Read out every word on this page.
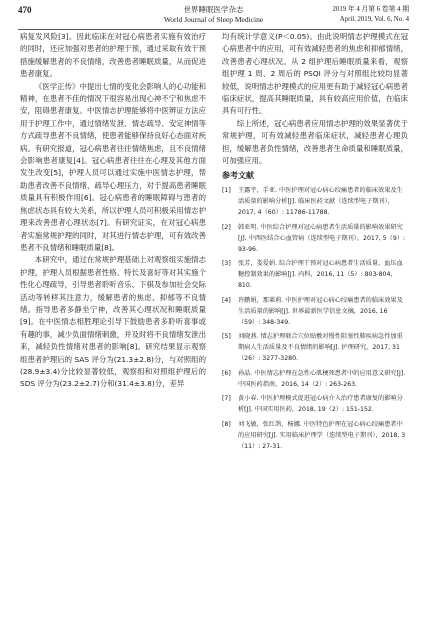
470	世界睡眠医学杂志
World Journal of Sleep Medicine
2019 年 4 月第 6 卷第 4 期
April. 2019, Vol. 6, No. 4

病复发风险[3]。因此临床在对冠心病患者实施有效治疗的同时，还应加强对患者的护理干预，通过采取有效干预措施缓解患者的不良情绪，改善患者睡眠质量，从而促进患者康复。

《医学正传》中提出七情的变化会影响人的心功能和精神，在患者不佳的情况下很容易出现心神不宁和焦虑不安，阻碍患者康复。中医情志护理能够将中医辨证方法应用于护理工作中，通过情绪发泄、情志疏导、安定神情等方式疏导患者不良情绪，使患者能够保持良好心态面对疾病。有研究报道，冠心病患者往往情绪焦虑，且不良情绪会影响患者康复[4]。冠心病患者往往在心理及其他方面发生改变[5]，护理人员可以通过实施中医情志护理，帮助患者改善不良情绪，疏导心理压力，对于提高患者睡眠质量具有积极作用[6]。冠心病患者的睡眠障碍与患者的焦虑状态具有较大关系，所以护理人员可积极采用情志护理来改善患者心理状态[7]。有研究证实，在对冠心病患者实施常规护理的同时，对其进行情志护理，可有效改善患者不良情绪和睡眠质量[8]。

本研究中，通过在常规护理基础上对观察组实施情志护理，护理人员根据患者性格、特长及喜好等对其实施个性化心理疏导，引导患者聆听音乐、下棋及参加社会交际活动等转移其注意力，缓解患者的焦虑、抑郁等不良情绪。指导患者多静坐宁神，改善其心理状况和睡眠质量[9]。在中医情志相胜理论引导下鼓励患者多聆听喜事或有趣的事，减少负面情绪刺激，并及时将不良情绪发泄出来，减轻负性情绪对患者的影响[8]。研究结果显示观察组患者护理后的 SAS 评分为(21.3±2.8)分，与对照组的(28.9±3.4)分比较显著较低，观察组和对照组护理后的 SDS 评分为(23.2±2.7)分和(31.4±3.8)分，差异

均有统计学意义(P＜0.05)。由此说明情志护理模式在冠心病患者中的应用，可有效减轻患者的焦虑和抑郁情绪，改善患者心理状况。从 2 组护理后睡眠质量来看，观察组护理 1 周、2 周后的 PSQI 评分与对照组比较均显著较低，说明情志护理模式的应用更有助于减轻冠心病患者临床症状，提高其睡眠质量，具有较高应用价值，在临床具有可行性。

综上所述，冠心病患者应用情志护理的效果显著优于常规护理，可有效减轻患者临床症状，减轻患者心理负担，缓解患者负性情绪，改善患者生命质量和睡眠质量，可加强应用。

参考文献

[1]	王露宇，手亚. 中医护理对冠心病心绞痛患者的临床效果及生活质量的影响分析[J]. 临床医药文献（连续型电子期刊），2017, 4（60）: 11786-11788.
[2]	韩亚明. 中医综合护理对冠心病患者生活质量的影响效果研究[J]. 中西医结合心血管病（连续型电子期刊），2017, 5（9）: 93-96.
[3]	张芳，娄爱娟. 综合护理干预对冠心病患者生活质量、血压血糖控制效果的影响[J]. 内科，2016, 11（5）: 803-804, 810.
[4]	许鹏娟，那莱莉. 中医护理对冠心病心绞痛患者的临床效果及生活质量的影响[J]. 世界最新医学信息文摘，2016, 16（59）: 348-349.
[5]	刘晓燕. 情志护理联合穴位贴敷对慢性阻塞性肺疾病急性加重期病人生活质量及不良情绪的影响[J]. 护理研究，2017, 31（26）: 3277-3280.
[6]	孙晶. 中医情志护理在急性心肌梗死患者中的应用意义研究[J]. 中国医药指南，2016, 14（2）: 263-263.
[7]	黄小春. 中医护理模式促进冠心病介入治疗患者康复的影响分析[J]. 中国实用医药，2018, 19（2）: 151-152.
[8]	刘飞敏，张红鸽，杨娜. 中医特色护理在冠心病心绞痛患者中的应用研究[J]. 实用临床护理学（连续型电子期刊），2018, 3（11）: 27-31.
